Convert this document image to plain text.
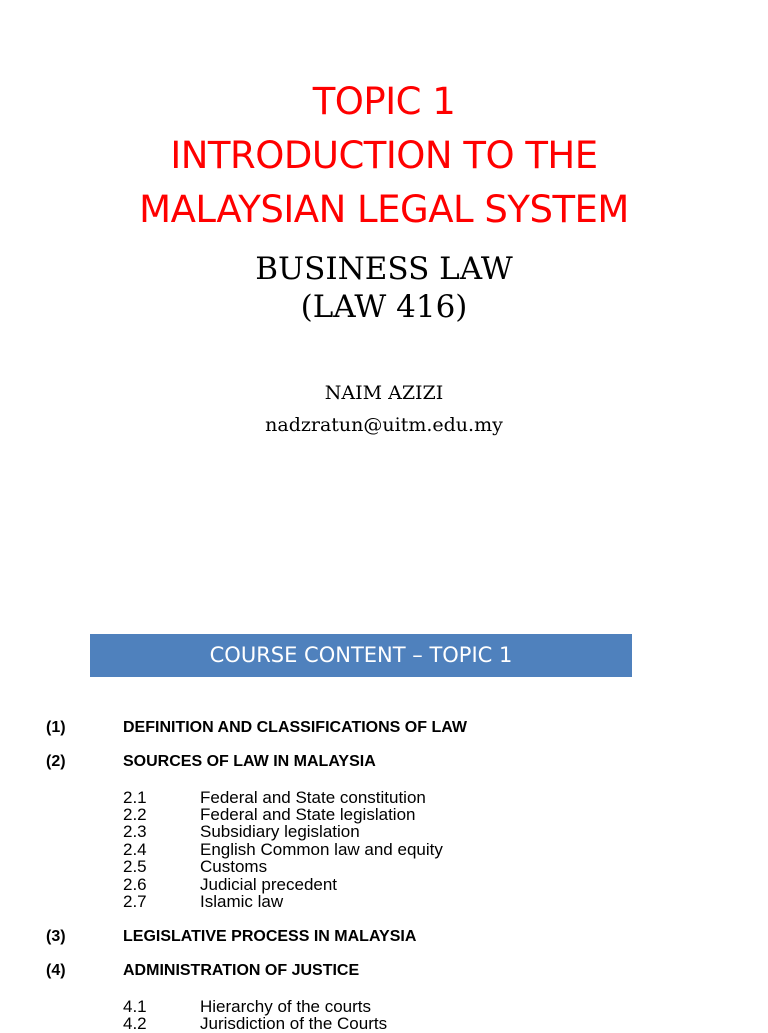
TOPIC 1
INTRODUCTION TO THE
MALAYSIAN LEGAL SYSTEM
BUSINESS LAW
(LAW 416)
NAIM AZIZI
nadzratun@uitm.edu.my
COURSE CONTENT – TOPIC 1
(1)	DEFINITION AND CLASSIFICATIONS OF LAW
(2)	SOURCES OF LAW IN MALAYSIA
2.1	Federal and State constitution
2.2	Federal and State legislation
2.3	Subsidiary legislation
2.4	English Common law and equity
2.5	Customs
2.6	Judicial precedent
2.7	Islamic law
(3)	LEGISLATIVE PROCESS IN MALAYSIA
(4)	ADMINISTRATION OF JUSTICE
4.1	Hierarchy of the courts
4.2	Jurisdiction of the Courts
